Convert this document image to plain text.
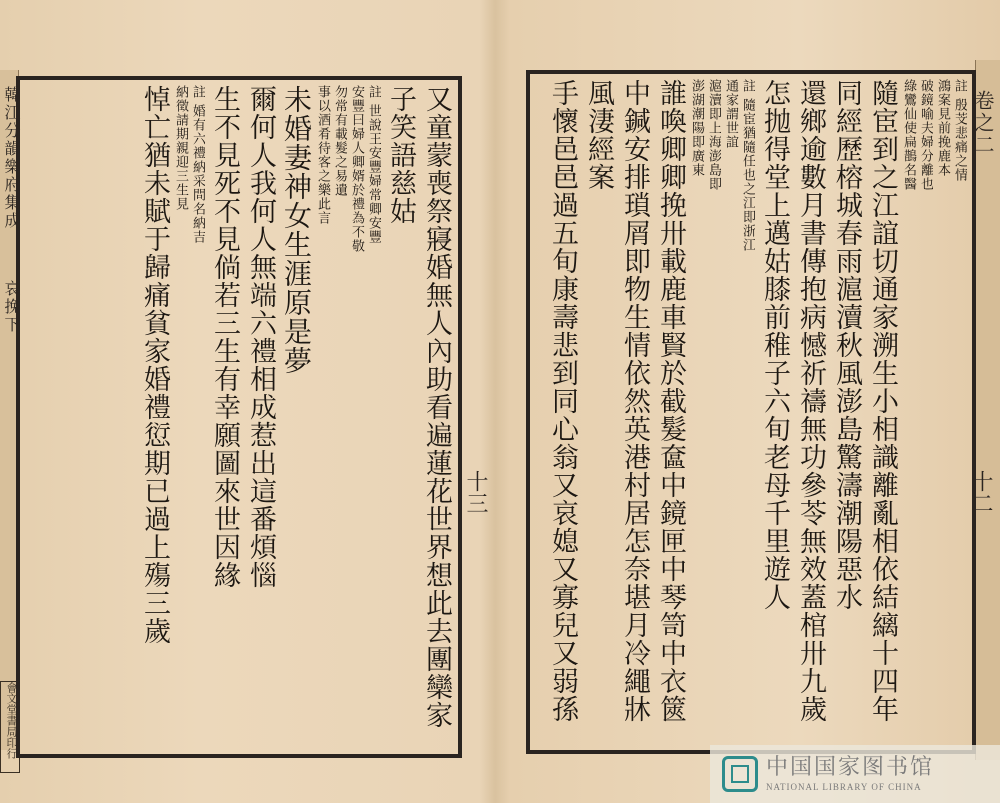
韓江分韻樂府集成
哀挽下
會文堂書局印行	又童蒙喪祭寢婚無人內助看遍蓮花世界想此去團欒家
子笑語慈姑
註 世說王安豐婦常卿安豐
安豐曰婦人卿婿於禮為不敬
勿常有載髮之易遺
事以酒肴待客之樂此言
未婚妻神女生涯原是夢
爾何人我何人無端六禮相成惹出這番煩惱
生不見死不見倘若三生有幸願圖來世因緣
註 婚有六禮納采問名納吉
納徵請期親迎三生見
悼亡猶未賦于歸痛貧家婚禮愆期已過上殤三歲	十三
註 殷芠悲痛之情
鴻案見前挽鹿本
破鏡喻夫婦分離也
綠鸞仙使扁鵲名醫
隨宦到之江誼切通家溯生小相識離亂相依結縭十四年
同經歷榕城春雨滬瀆秋風澎島驚濤潮陽惡水
還鄉逾數月書傳抱病憾祈禱無功參苓無效蓋棺卅九歲
怎抛得堂上邁姑膝前稚子六旬老母千里遊人
註 隨宦猶隨任也之江即浙江
通家謂世誼
滬瀆即上海澎島即
澎湖潮陽即廣東
誰喚卿卿挽卅載鹿車賢於截髮奩中鏡匣中琴笥中衣篋
中鍼安排瑣屑即物生情依然英港村居怎奈堪月冷繩牀
風淒經案
手懷邑邑過五旬康壽悲到同心翁又哀媳又寡兒又弱孫	卷之二
十二
中国国家图书馆
NATIONAL LIBRARY OF CHINA
